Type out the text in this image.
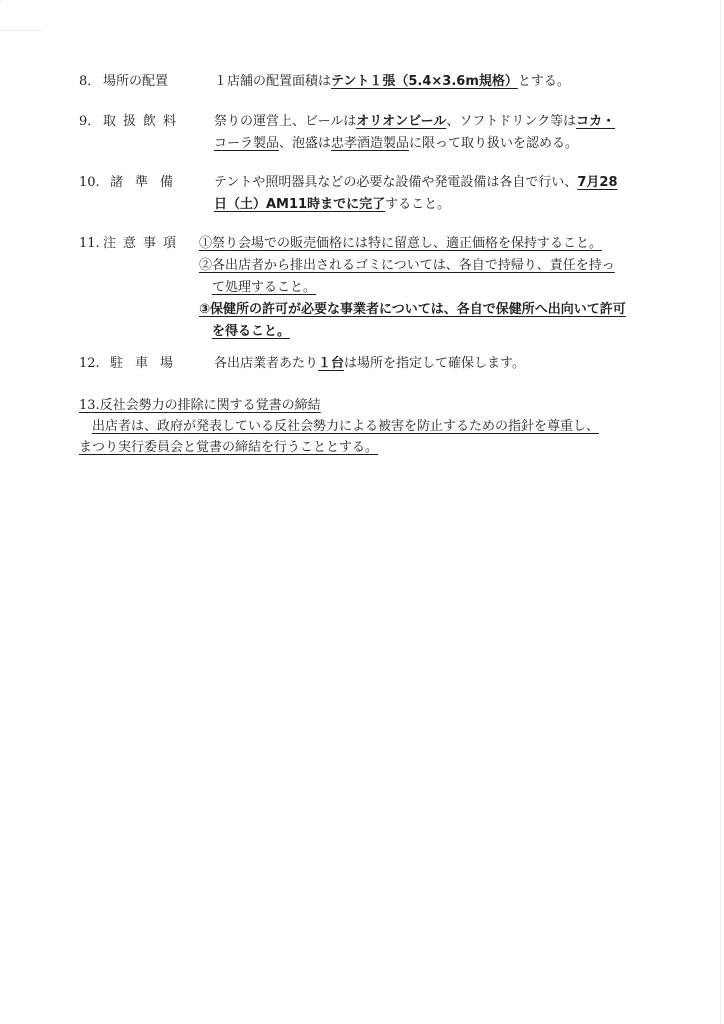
8． 場所の配置	１店舗の配置面積はテント１張（5.4×3.6m規格）とする。
9． 取扱飲料 祭りの運営上、ビールはオリオンビール、ソフトドリンク等はコカ・
コーラ製品、泡盛は忠孝酒造製品に限って取り扱いを認める。
10. 諸準備 テントや照明器具などの必要な設備や発電設備は各自で行い、7月28
日（土）AM11時までに完了すること。
11. 注意事項 ①祭り会場での販売価格には特に留意し、適正価格を保持すること。
②各出店者から排出されるゴミについては、各自で持帰り、責任を持っ
て処理すること。
③保健所の許可が必要な事業者については、各自で保健所へ出向いて許可
を得ること。
12. 駐車場 各出店業者あたり１台は場所を指定して確保します。
13.反社会勢力の排除に関する覚書の締結
出店者は、政府が発表している反社会勢力による被害を防止するための指針を尊重し、
まつり実行委員会と覚書の締結を行うこととする。
